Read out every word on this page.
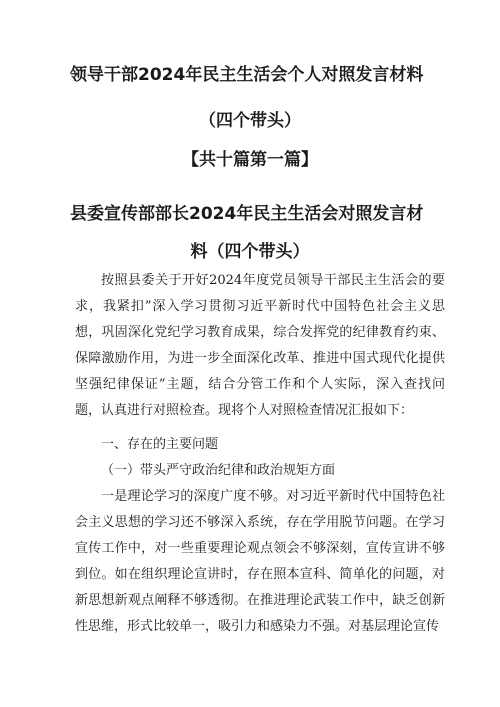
领导干部2024年民主生活会个人对照发言材料
（四个带头）
【共十篇第一篇】
县委宣传部部长2024年民主生活会对照发言材
料（四个带头）

按照县委关于开好2024年度党员领导干部民主生活会的要求，我紧扣”深入学习贯彻习近平新时代中国特色社会主义思想，巩固深化党纪学习教育成果，综合发挥党的纪律教育约束、保障激励作用，为进一步全面深化改革、推进中国式现代化提供坚强纪律保证”主题，结合分管工作和个人实际，深入查找问题，认真进行对照检查。现将个人对照检查情况汇报如下：

一、存在的主要问题
（一）带头严守政治纪律和政治规矩方面

一是理论学习的深度广度不够。对习近平新时代中国特色社会主义思想的学习还不够深入系统，存在学用脱节问题。在学习宣传工作中，对一些重要理论观点领会不够深刻，宣传宣讲不够到位。如在组织理论宣讲时，存在照本宣科、简单化的问题，对新思想新观点阐释不够透彻。在推进理论武装工作中，缺乏创新性思维，形式比较单一，吸引力和感染力不强。对基层理论宣传
